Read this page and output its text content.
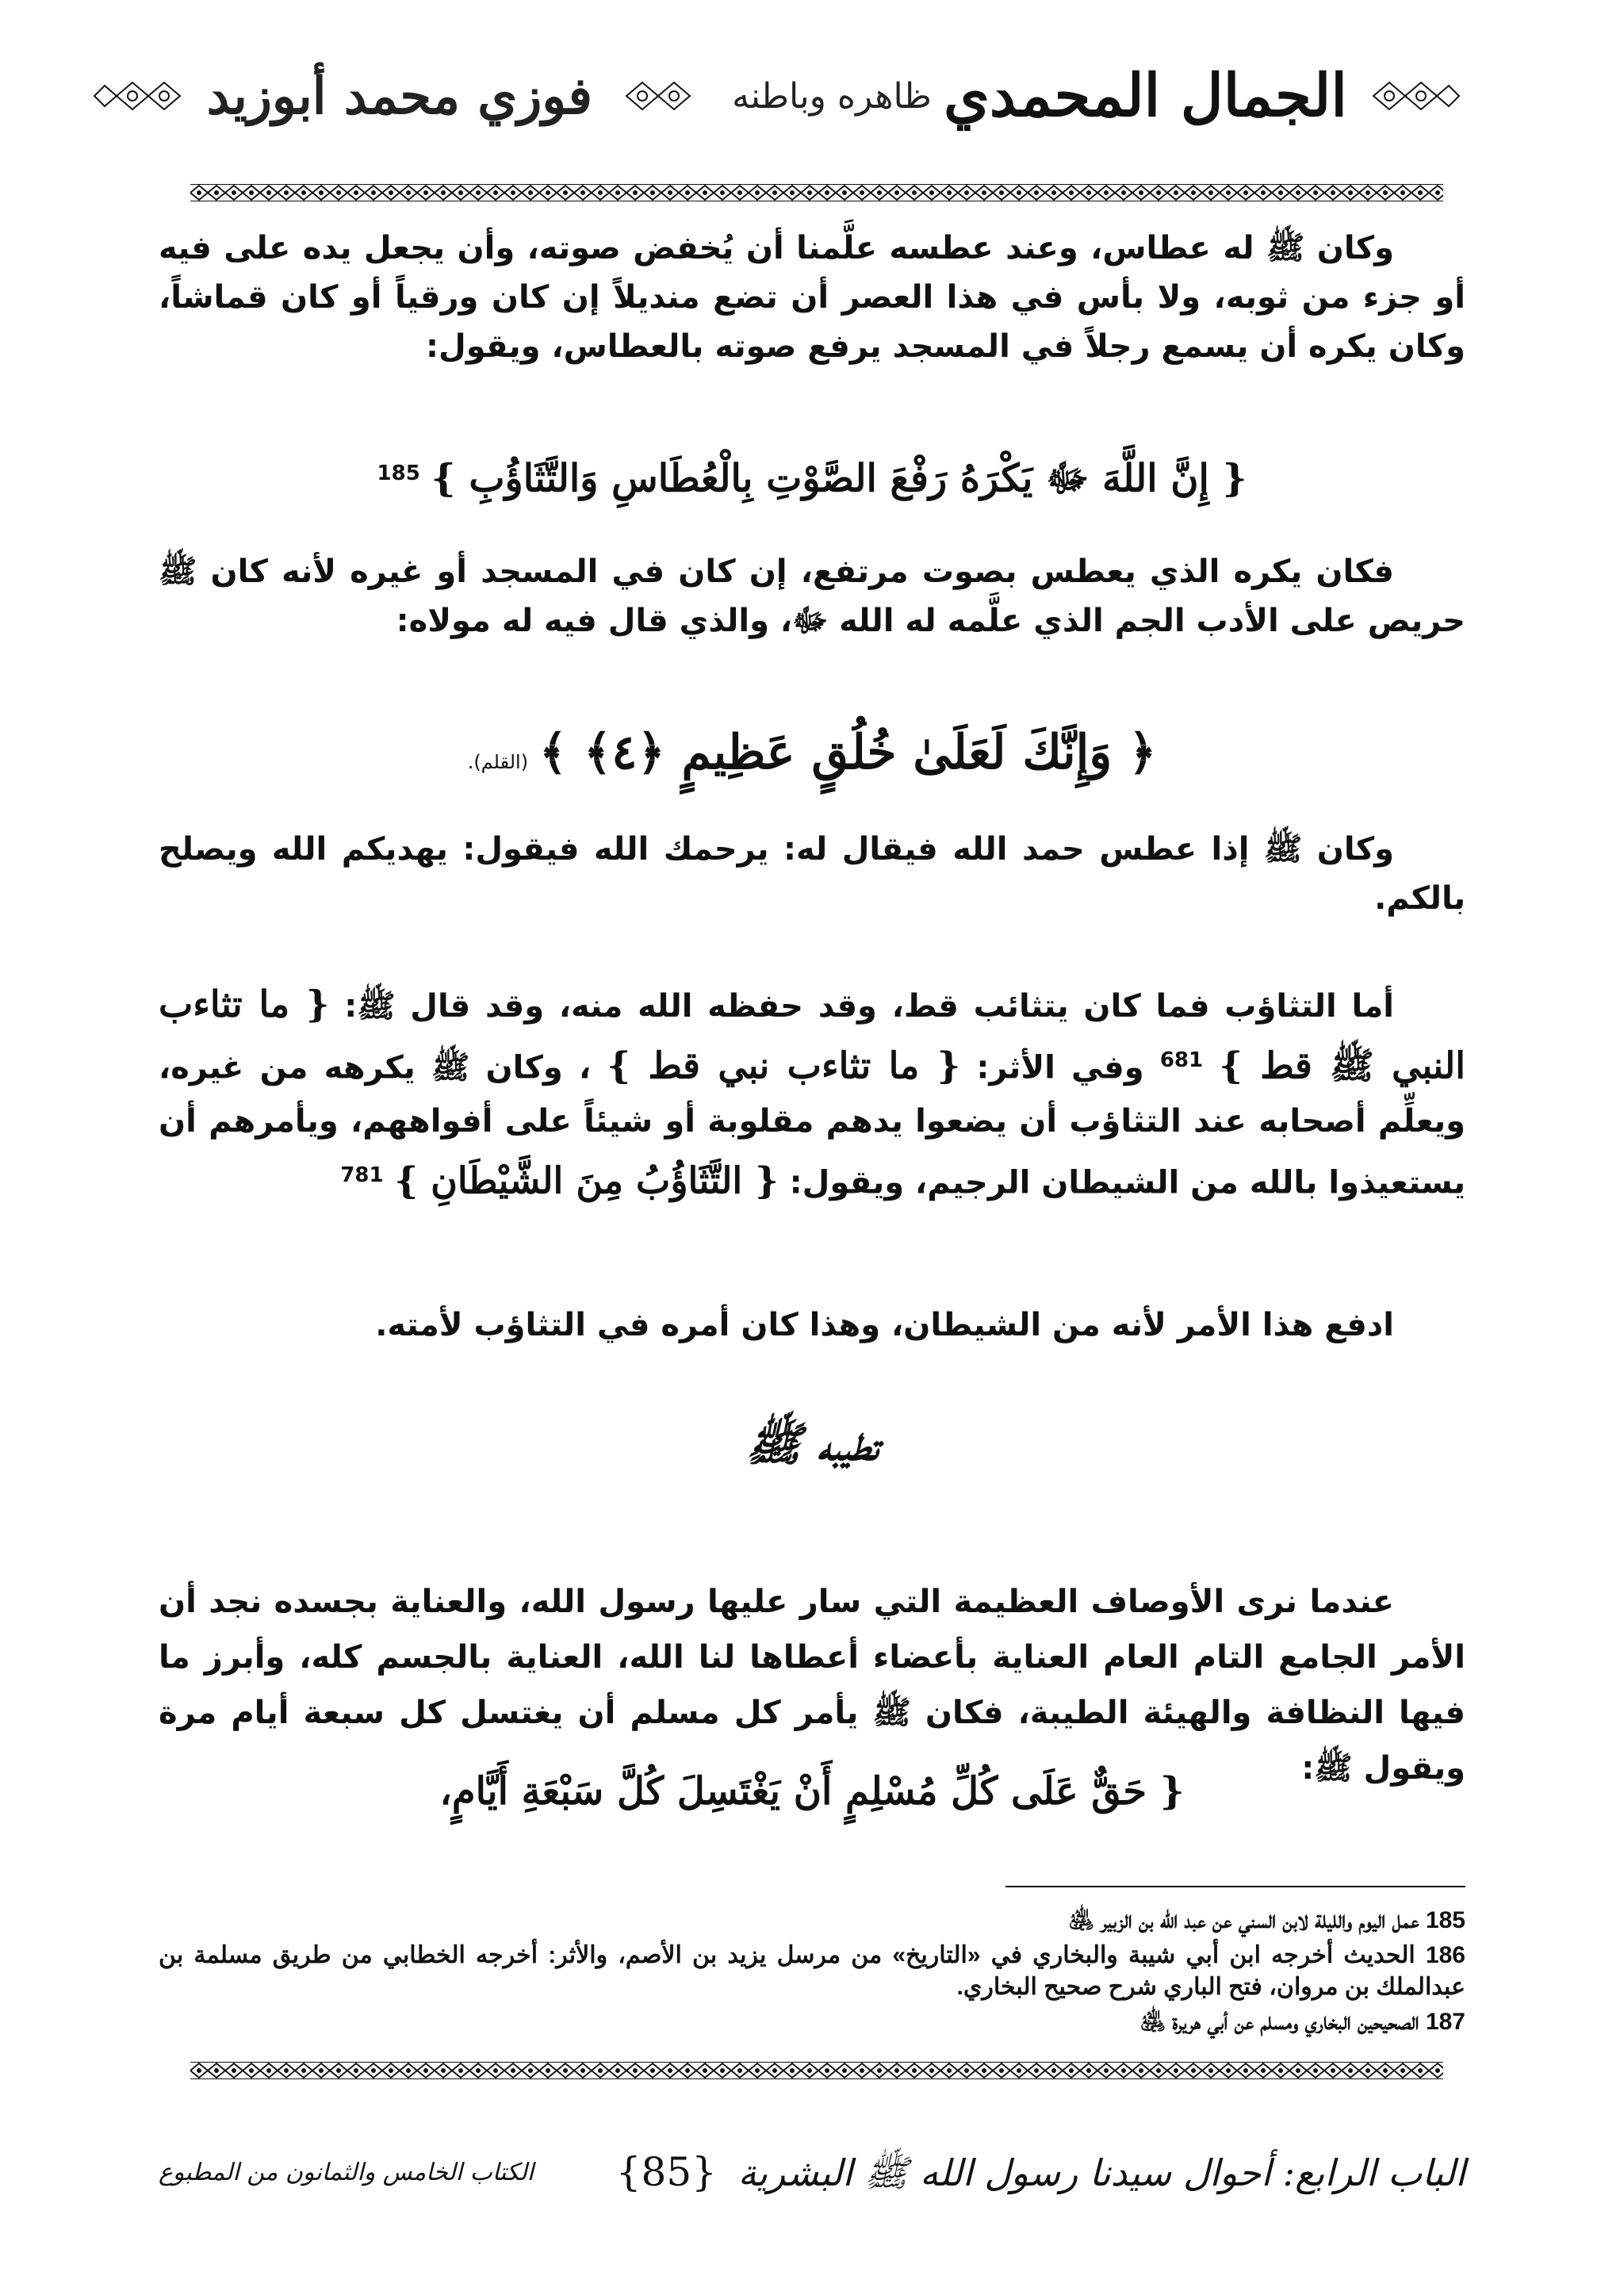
الجمال المحمدي ظاهره وباطنه  فوزي محمد أبوزيد
وكان ﷺ له عطاس، وعند عطسه علَّمنا أن يُخفض صوته، وأن يجعل يده على فيه أو جزء من ثوبه، ولا بأس في هذا العصر أن تضع منديلاً إن كان ورقياً أو كان قماشاً، وكان يكره أن يسمع رجلاً في المسجد يرفع صوته بالعطاس، ويقول:
{ إِنَّ اللَّهَ ﷻ يَكْرَهُ رَفْعَ الصَّوْتِ بِالْعُطَاسِ وَالتَّثَاؤُبِ } $^{185}$
فكان يكره الذي يعطس بصوت مرتفع، إن كان في المسجد أو غيره لأنه كان ﷺ حريص على الأدب الجم الذي علَّمه له الله ﷻ، والذي قال فيه له مولاه:
﴿ وَإِنَّكَ لَعَلَىٰ خُلُقٍ عَظِيمٍ ﴿٤﴾ ﴾ (القلم).
وكان ﷺ إذا عطس حمد الله فيقال له: يرحمك الله فيقول: يهديكم الله ويصلح بالكم.
أما التثاؤب فما كان يتثائب قط، وقد حفظه الله منه، وقد قال ﷺ: { ما تثاءب النبي ﷺ قط } $^{681}$ وفي الأثر: { ما تثاءب نبي قط } ، وكان ﷺ يكرهه من غيره، ويعلِّم أصحابه عند التثاؤب أن يضعوا يدهم مقلوبة أو شيئاً على أفواههم، ويأمرهم أن يستعيذوا بالله من الشيطان الرجيم، ويقول: { التَّثَاؤُبُ مِنَ الشَّيْطَانِ } $^{781}$
ادفع هذا الأمر لأنه من الشيطان، وهذا كان أمره في التثاؤب لأمته.
تطيبه ﷺ
عندما نرى الأوصاف العظيمة التي سار عليها رسول الله، والعناية بجسده نجد أن الأمر الجامع التام العام العناية بأعضاء أعطاها لنا الله، العناية بالجسم كله، وأبرز ما فيها النظافة والهيئة الطيبة، فكان ﷺ يأمر كل مسلم أن يغتسل كل سبعة أيام مرة ويقول ﷺ:
{ حَقٌّ عَلَى كُلِّ مُسْلِمٍ أَنْ يَغْتَسِلَ كُلَّ سَبْعَةِ أَيَّامٍ،
185 عمل اليوم والليلة لابن السني عن عبد الله بن الزبير ﵁
186 الحديث أخرجه ابن أبي شيبة والبخاري في «التاريخ» من مرسل يزيد بن الأصم، والأثر: أخرجه الخطابي من طريق مسلمة بن عبدالملك بن مروان، فتح الباري شرح صحيح البخاري.
187 الصحيحين البخاري ومسلم عن أبي هريرة ﵁
الباب الرابع: أحوال سيدنا رسول الله ﷺ البشرية {85}
الكتاب الخامس والثمانون من المطبوع
